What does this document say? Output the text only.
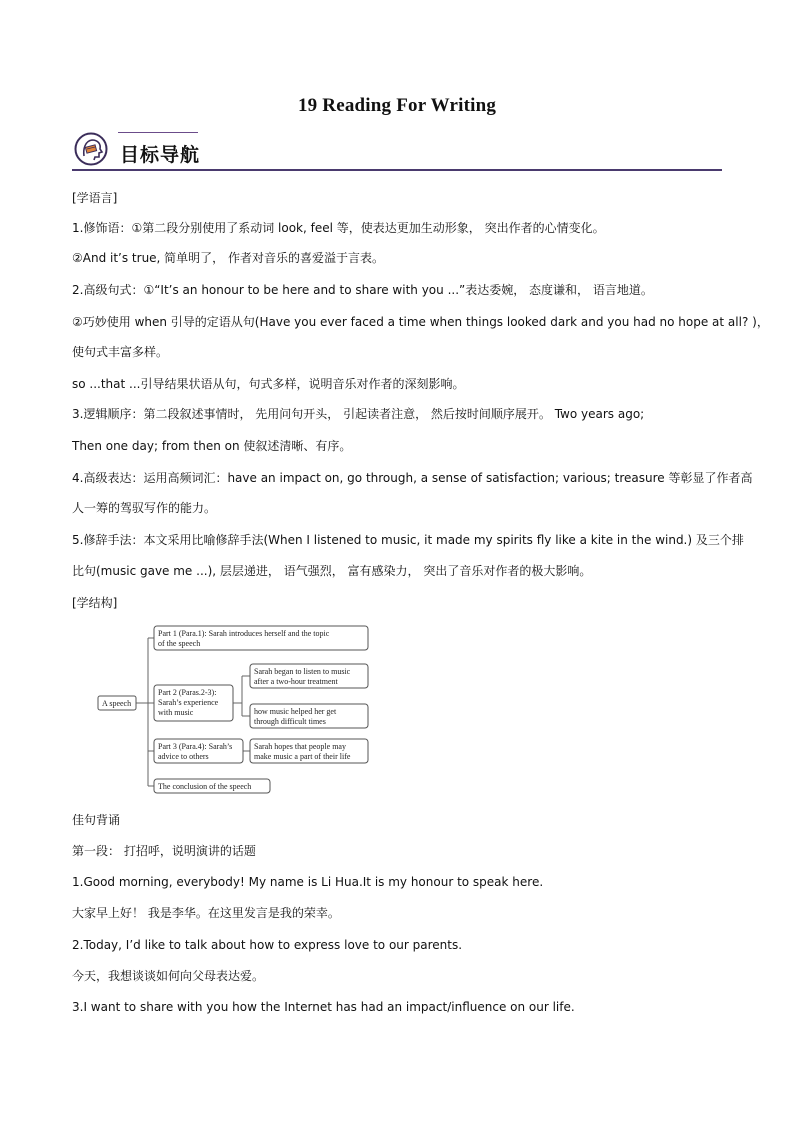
19 Reading For Writing
目标导航
[学语言]
1.修饰语：①第二段分别使用了系动词 look, feel 等，使表达更加生动形象， 突出作者的心情变化。
②And it’s true, 简单明了， 作者对音乐的喜爱溢于言表。
2.高级句式：①“It’s an honour to be here and to share with you ...”表达委婉， 态度谦和， 语言地道。
②巧妙使用 when 引导的定语从句(Have you ever faced a time when things looked dark and you had no hope at all? )，
使句式丰富多样。
so ...that ...引导结果状语从句，句式多样，说明音乐对作者的深刻影响。
3.逻辑顺序：第二段叙述事情时， 先用问句开头， 引起读者注意， 然后按时间顺序展开。 Two years ago;
Then one day; from then on 使叙述清晰、有序。
4.高级表达：运用高频词汇：have an impact on, go through, a sense of satisfaction; various; treasure 等彰显了作者高
人一筹的驾驭写作的能力。
5.修辞手法：本文采用比喻修辞手法(When I listened to music, it made my spirits fly like a kite in the wind.) 及三个排
比句(music gave me ...), 层层递进， 语气强烈， 富有感染力， 突出了音乐对作者的极大影响。
[学结构]
A speech
Part 1 (Para.1): Sarah introduces herself and the topic
of the speech
Part 2 (Paras.2-3):
Sarah’s experience
with music
Sarah began to listen to music
after a two-hour treatment
how music helped her get
through difficult times
Part 3 (Para.4): Sarah’s
advice to others
Sarah hopes that people may
make music a part of their life
The conclusion of the speech
佳句背诵
第一段： 打招呼，说明演讲的话题
1.Good morning, everybody! My name is Li Hua.It is my honour to speak here.
大家早上好！ 我是李华。在这里发言是我的荣幸。
2.Today, I’d like to talk about how to express love to our parents.
今天，我想谈谈如何向父母表达爱。
3.I want to share with you how the Internet has had an impact/influence on our life.
